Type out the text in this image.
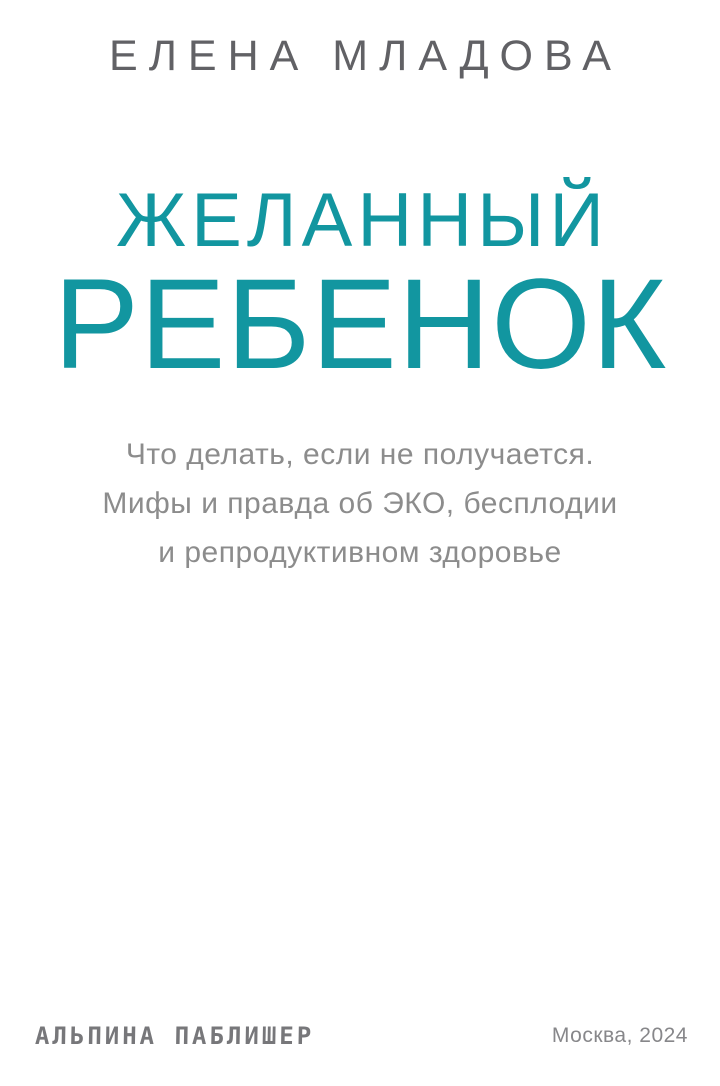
ЕЛЕНА МЛАДОВА
ЖЕЛАННЫЙ
РЕБЕНОК
Что делать, если не получается.
Мифы и правда об ЭКО, бесплодии
и репродуктивном здоровье
АЛЬПИНА ПАБЛИШЕР	Москва, 2024
